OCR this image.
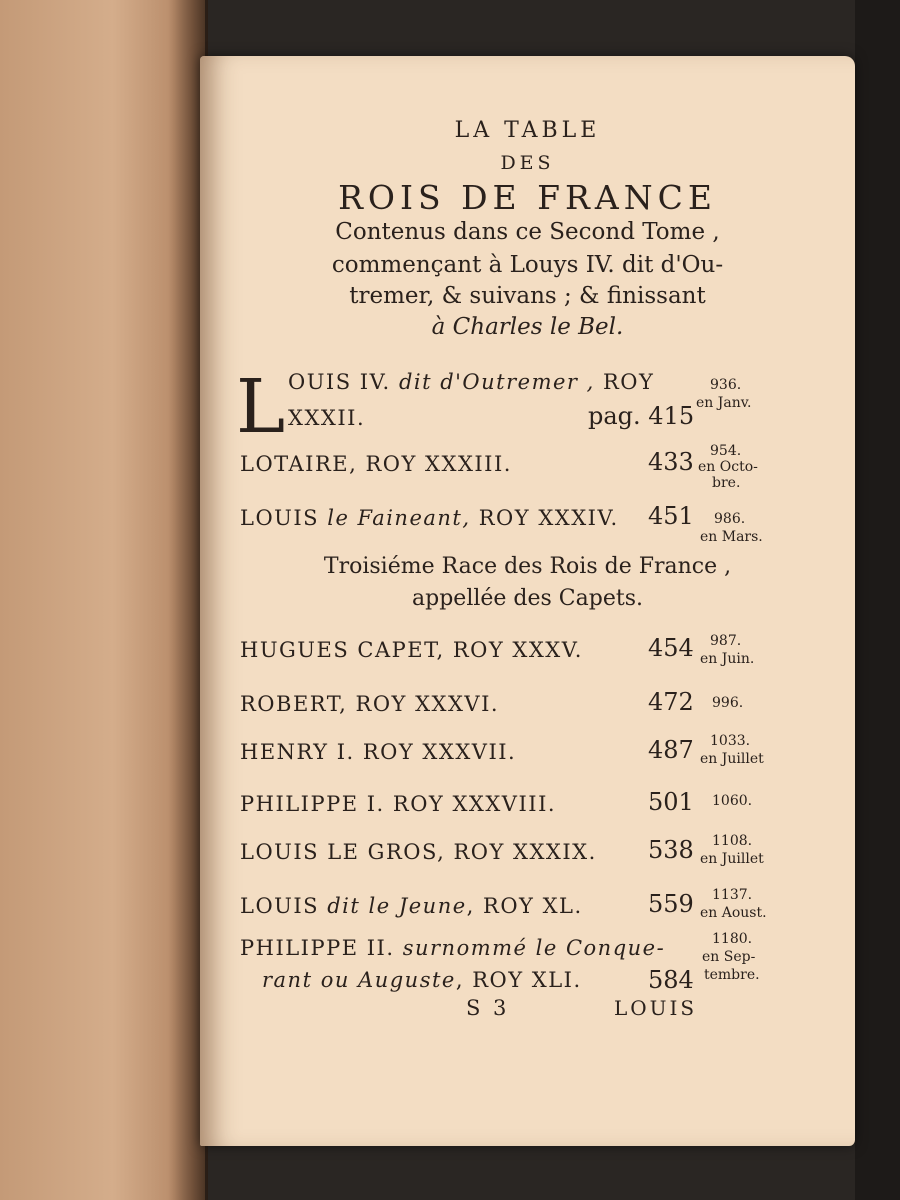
LA TABLE
DES
ROIS DE FRANCE
Contenus dans ce Second Tome ,
commençant à Louys IV. dit d'Ou-
tremer, & suivans ; & finissant
à Charles le Bel.
L OUIS IV. dit d'Outremer , ROY
XXXII.	pag. 415
936.
en Janv.
LOTAIRE, ROY XXXIII.	433 954.
en Octo-
bre.
LOUIS le Faineant, ROY XXXIV. 451 986.
en Mars.
Troisiéme Race des Rois de France ,
appellée des Capets.
HUGUES CAPET, ROY XXXV.	454 987.
en Juin.
ROBERT, ROY XXXVI.	472 996.
HENRY I. ROY XXXVII.	487 1033.
en Juillet
PHILIPPE I. ROY XXXVIII.	501 1060.
LOUIS LE GROS, ROY XXXIX. 538 1108.
en Juillet
LOUIS dit le Jeune, ROY XL.	559 1137.
en Aoust.
PHILIPPE II. surnommé le Conque-
rant ou Auguste, ROY XLI.	584
1180.
en Sep-
tembre.
S 3	LOUIS
